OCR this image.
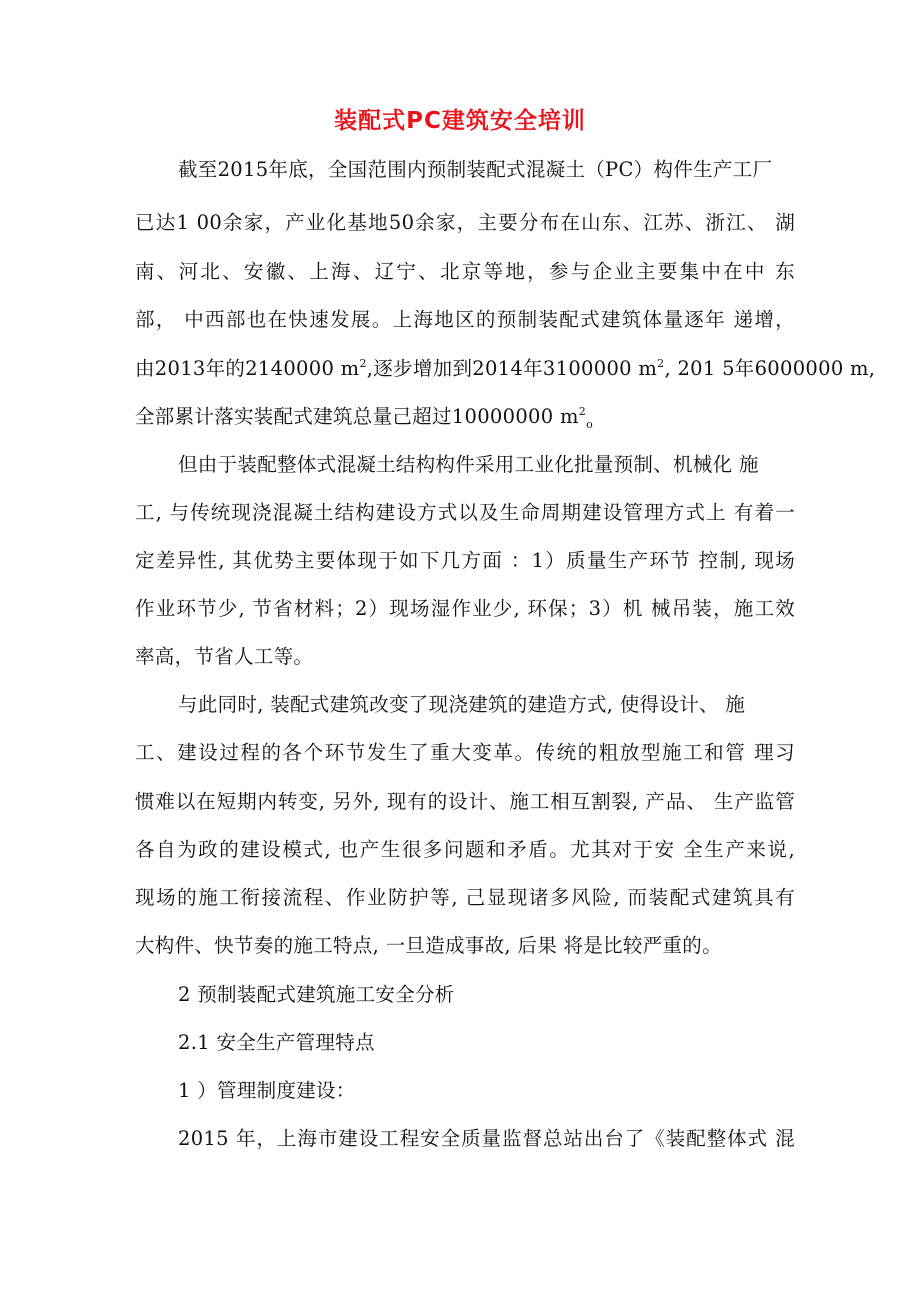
装配式PC建筑安全培训
截至2015年底，全国范围内预制装配式混凝土（PC）构件生产工厂
已达1 00余家，产业化基地50余家，主要分布在山东、江苏、浙江、 湖
南、河北、安徽、上海、辽宁、北京等地，参与企业主要集中在中 东
部， 中西部也在快速发展。上海地区的预制装配式建筑体量逐年 递增，
由2013年的2140000 $m^2$,逐步增加到2014年3100000 $m^2$, 201 5年6000000 m,
全部累计落实装配式建筑总量己超过10000000 $m^2_o$
但由于装配整体式混凝土结构构件采用工业化批量预制、机械化 施
工, 与传统现浇混凝土结构建设方式以及生命周期建设管理方式上 有着一
定差异性, 其优势主要体现于如下几方面 ：1）质量生产环节 控制, 现场
作业环节少, 节省材料；2）现场湿作业少, 环保；3）机 械吊装，施工效
率高，节省人工等。
与此同时, 装配式建筑改变了现浇建筑的建造方式, 使得设计、 施
工、建设过程的各个环节发生了重大变革。传统的粗放型施工和管 理习
惯难以在短期内转变, 另外, 现有的设计、施工相互割裂, 产品、 生产监管
各自为政的建设模式, 也产生很多问题和矛盾。尤其对于安 全生产来说,
现场的施工衔接流程、作业防护等, 己显现诸多风险, 而装配式建筑具有
大构件、快节奏的施工特点, 一旦造成事故, 后果 将是比较严重的。
2 预制装配式建筑施工安全分析
2.1 安全生产管理特点
1 ）管理制度建设：
2015 年，上海市建设工程安全质量监督总站出台了《装配整体式 混
